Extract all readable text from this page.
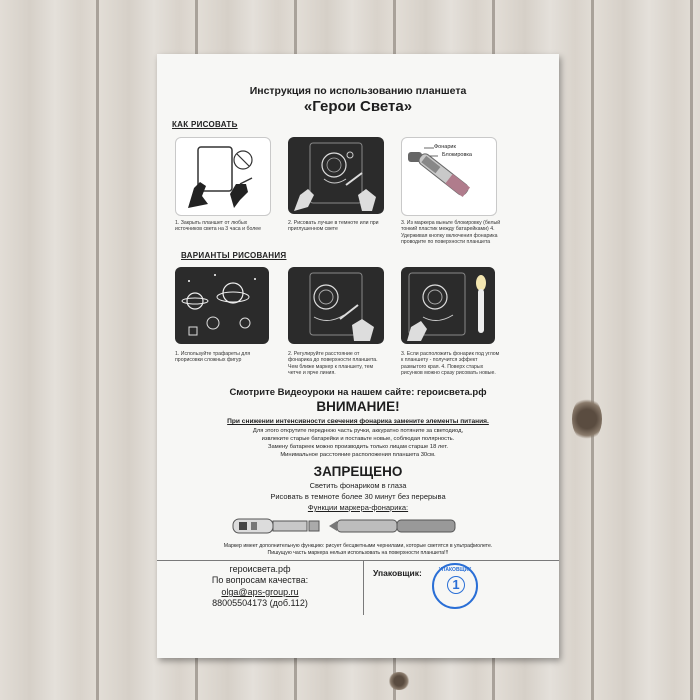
Инструкция по использованию планшета
«Герои Света»
КАК РИСОВАТЬ
Фонарик
Блокировка
1. Закрыть планшет от любых источников света на 3 часа и более
2. Рисовать лучше в темноте или при приглушенном свете
3. Из маркера выньте блокировку (белый тонкий пластик между батарейками) 4. Удерживая кнопку включения фонарика проводите по поверхности планшета
ВАРИАНТЫ РИСОВАНИЯ
1. Используйте трафареты для прорисовки сложных фигур
2. Регулируйте расстояние от фонарика до поверхности планшета. Чем ближе маркер к планшету, тем четче и ярче линия.
3. Если расположить фонарик под углом к планшету - получится эффект размытого края. 4. Поверх старых рисунков можно сразу рисовать новые.
Смотрите Видеоуроки на нашем сайте: героисвета.рф
ВНИМАНИЕ!
При снижении интенсивности свечения фонарика замените элементы питания.
Для этого открутите переднюю часть ручки, аккуратно потяните за светодиод,
извлеките старые батарейки и поставьте новые, соблюдая полярность.
Замену батареек можно производить только лицам старше 18 лет.
Минимальное расстояние расположения планшета 30см.
ЗАПРЕЩЕНО
Светить фонариком в глаза
Рисовать в темноте более 30 минут без перерыва
Функции маркера-фонарика:
Маркер имеет дополнительную функцию: рисует бесцветными чернилами, которые светятся в ультрафиолете.
Пишущую часть маркера нельзя использовать на поверхности планшета!!!
героисвета.рф
По вопросам качества:
olga@aps-group.ru
88005504173 (доб.112)
Упаковщик:	УПАКОВЩИК
1
